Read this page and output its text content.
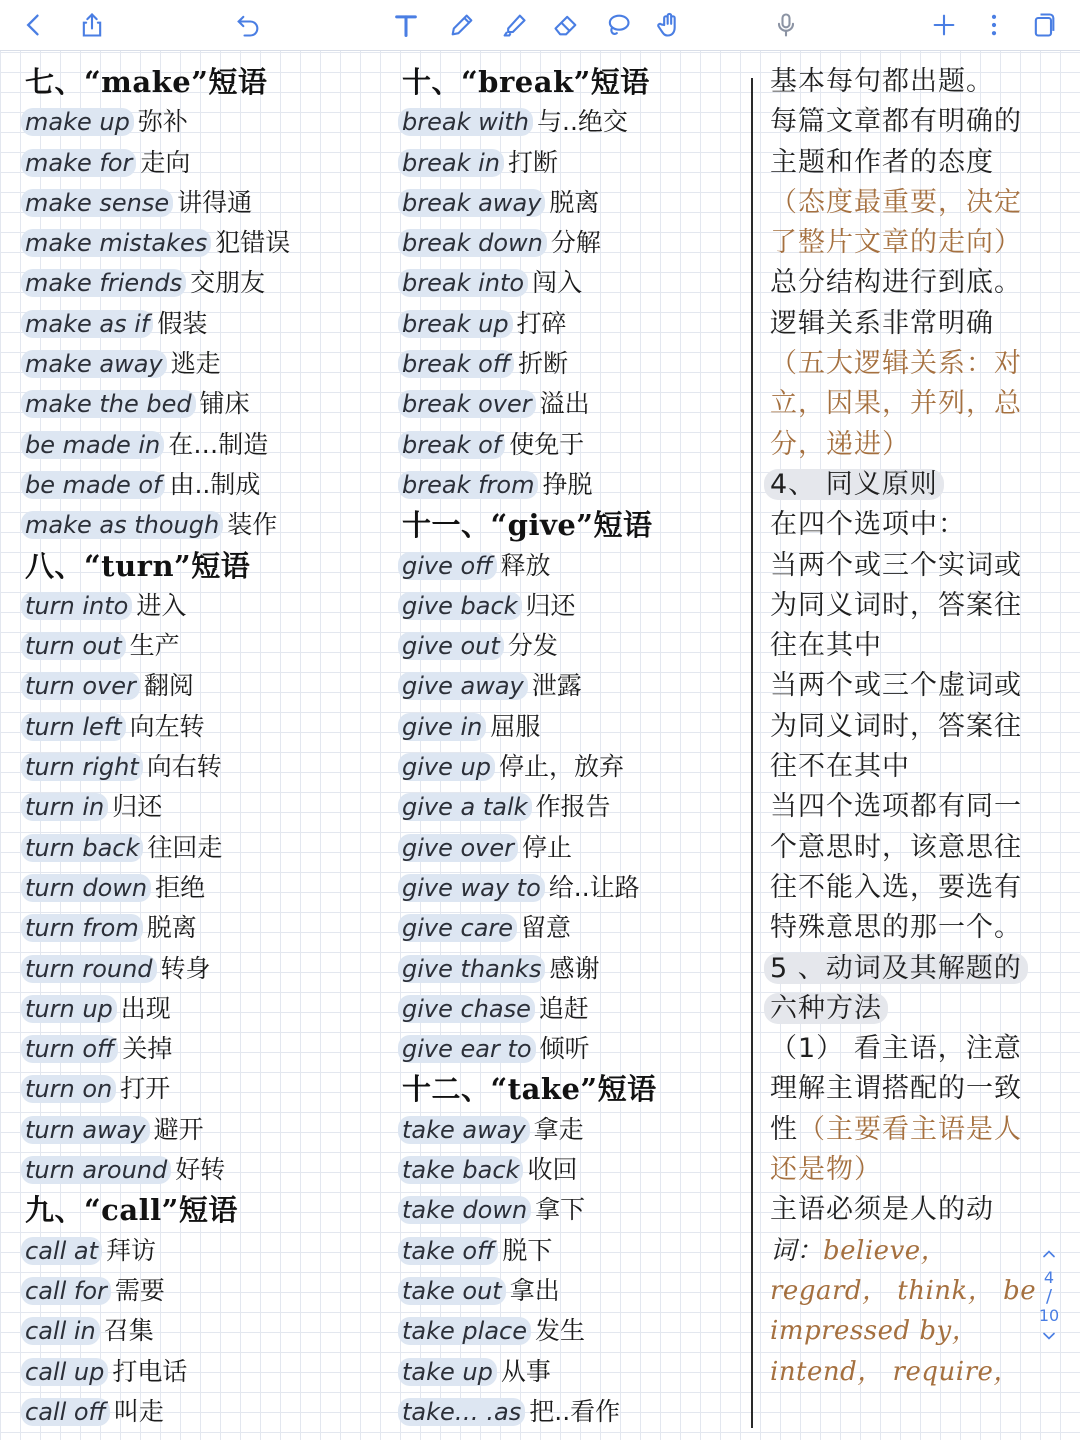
七、“make”短语
make up 弥补
make for 走向
make sense 讲得通
make mistakes 犯错误
make friends 交朋友
make as if 假装
make away 逃走
make the bed 铺床
be made in 在…制造
be made of 由..制成
make as though 装作
八、“turn”短语
turn into 进入
turn out 生产
turn over 翻阅
turn left 向左转
turn right 向右转
turn in 归还
turn back 往回走
turn down 拒绝
turn from 脱离
turn round 转身
turn up 出现
turn off 关掉
turn on 打开
turn away 避开
turn around 好转
九、“call”短语
call at 拜访
call for 需要
call in 召集
call up 打电话
call off 叫走
十、“break”短语
break with 与..绝交
break in 打断
break away 脱离
break down 分解
break into 闯入
break up 打碎
break off 折断
break over 溢出
break of 使免于
break from 挣脱
十一、“give”短语
give off 释放
give back 归还
give out 分发
give away 泄露
give in 屈服
give up 停止，放弃
give a talk 作报告
give over 停止
give way to 给..让路
give care 留意
give thanks 感谢
give chase 追赶
give ear to 倾听
十二、“take”短语
take away 拿走
take back 收回
take down 拿下
take off 脱下
take out 拿出
take place 发生
take up 从事
take… .as 把..看作
基本每句都出题。
每篇文章都有明确的
主题和作者的态度
（态度最重要，决定
了整片文章的走向）
总分结构进行到底。
逻辑关系非常明确
（五大逻辑关系：对
立，因果，并列，总
分，递进）
4、 同义原则
在四个选项中：
当两个或三个实词或
为同义词时，答案往
往在其中
当两个或三个虚词或
为同义词时，答案往
往不在其中
当四个选项都有同一
个意思时，该意思往
往不能入选，要选有
特殊意思的那一个。
5 、动词及其解题的
六种方法
（1） 看主语，注意
理解主谓搭配的一致
性（主要看主语是人
还是物）
主语必须是人的动
词：believe，
regard， think， be
impressed by，
intend， require，
4
/
10
